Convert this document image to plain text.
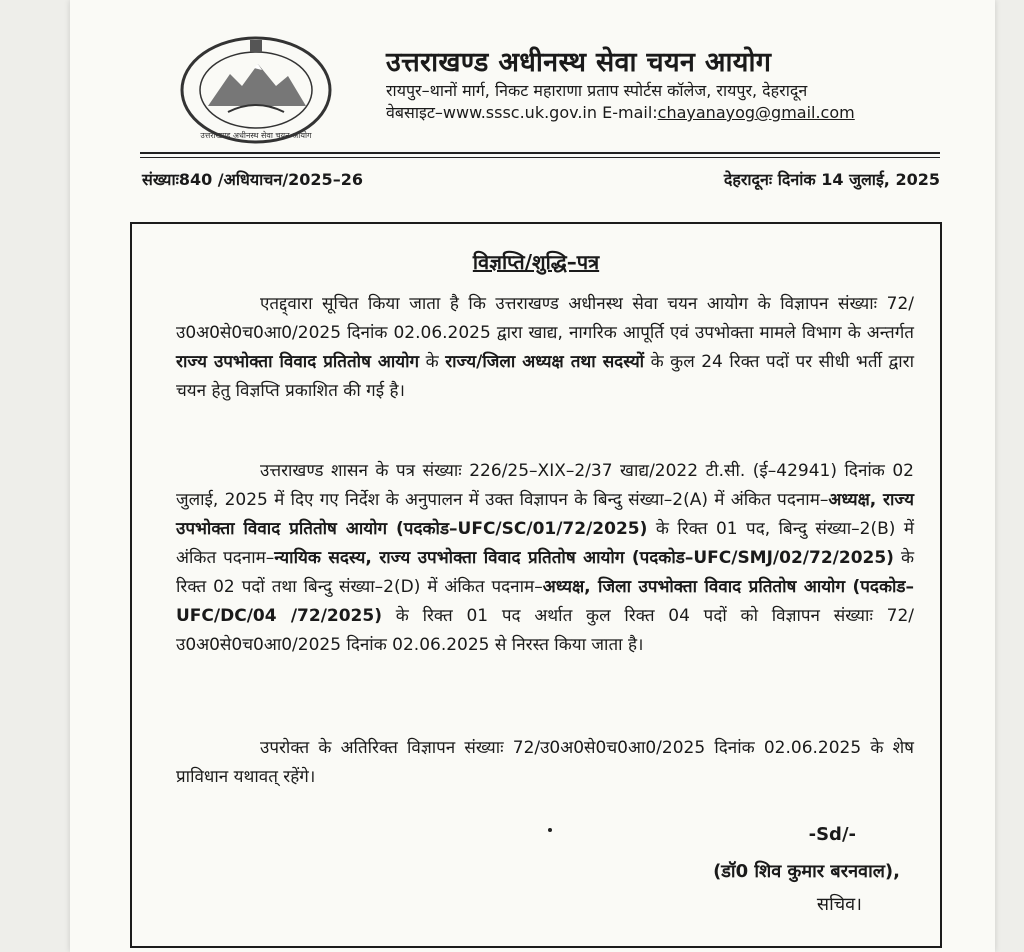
उत्तराखण्ड अधीनस्थ सेवा चयन आयोग
उत्तराखण्ड अधीनस्थ सेवा चयन आयोग
रायपुर–थानों मार्ग, निकट महाराणा प्रताप स्पोर्टस कॉलेज, रायपुर, देहरादून
वेबसाइट–www.sssc.uk.gov.in E-mail:chayanayog@gmail.com
संख्याः840 /अधियाचन/2025–26	देहरादूनः दिनांक 14 जुलाई, 2025
विज्ञप्ति/शुद्धि–पत्र
एतद्द्वारा सूचित किया जाता है कि उत्तराखण्ड अधीनस्थ सेवा चयन आयोग के विज्ञापन संख्याः 72/उ0अ0से0च0आ0/2025 दिनांक 02.06.2025 द्वारा खाद्य, नागरिक आपूर्ति एवं उपभोक्ता मामले विभाग के अन्तर्गत राज्य उपभोक्ता विवाद प्रतितोष आयोग के राज्य/जिला अध्यक्ष तथा सदस्यों के कुल 24 रिक्त पदों पर सीधी भर्ती द्वारा चयन हेतु विज्ञप्ति प्रकाशित की गई है।
उत्तराखण्ड शासन के पत्र संख्याः 226/25–XIX–2/37 खाद्य/2022 टी.सी. (ई–42941) दिनांक 02 जुलाई, 2025 में दिए गए निर्देश के अनुपालन में उक्त विज्ञापन के बिन्दु संख्या–2(A) में अंकित पदनाम–अध्यक्ष, राज्य उपभोक्ता विवाद प्रतितोष आयोग (पदकोड–UFC/SC/01/72/2025) के रिक्त 01 पद, बिन्दु संख्या–2(B) में अंकित पदनाम–न्यायिक सदस्य, राज्य उपभोक्ता विवाद प्रतितोष आयोग (पदकोड–UFC/SMJ/02/72/2025) के रिक्त 02 पदों तथा बिन्दु संख्या–2(D) में अंकित पदनाम–अध्यक्ष, जिला उपभोक्ता विवाद प्रतितोष आयोग (पदकोड–UFC/DC/04 /72/2025) के रिक्त 01 पद अर्थात कुल रिक्त 04 पदों को विज्ञापन संख्याः 72/उ0अ0से0च0आ0/2025 दिनांक 02.06.2025 से निरस्त किया जाता है।
उपरोक्त के अतिरिक्त विज्ञापन संख्याः 72/उ0अ0से0च0आ0/2025 दिनांक 02.06.2025 के शेष प्राविधान यथावत् रहेंगे।
-Sd/-
(डॉ0 शिव कुमार बरनवाल),
सचिव।
